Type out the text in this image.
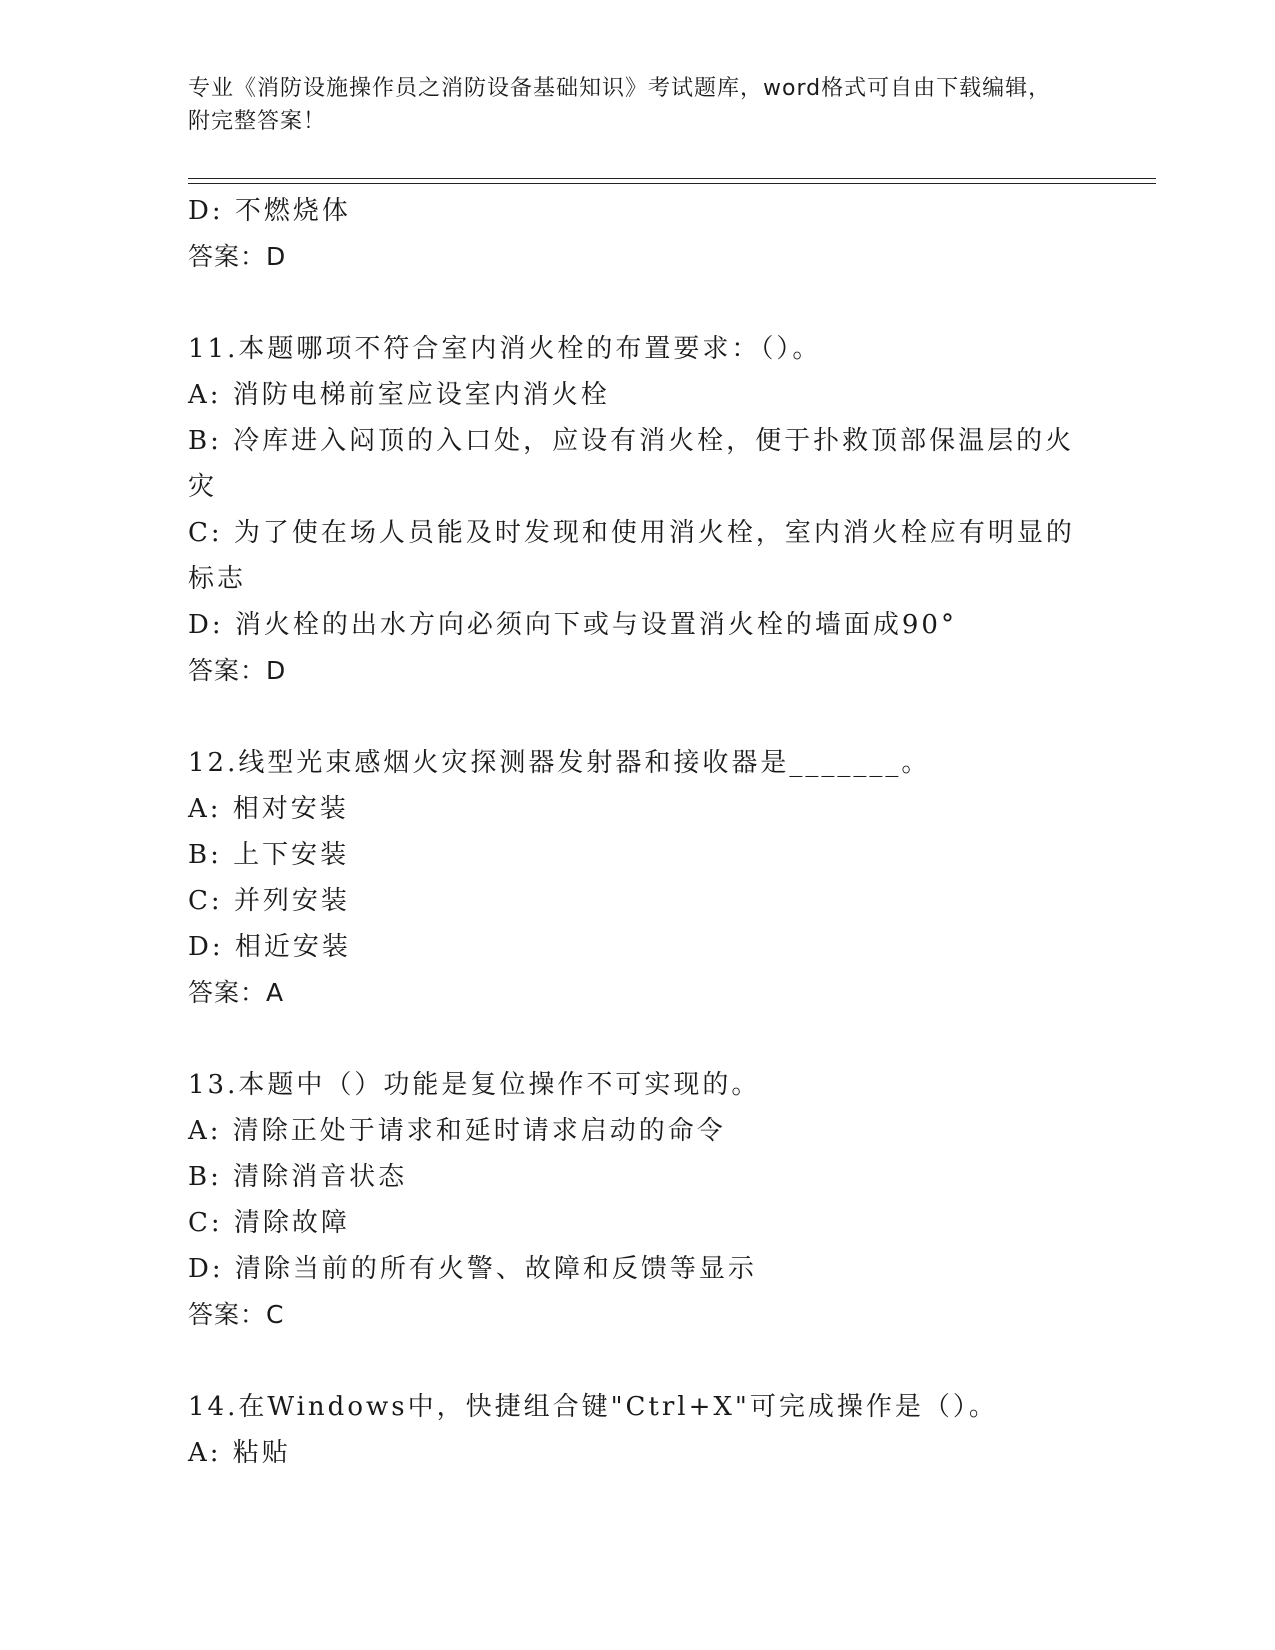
专业《消防设施操作员之消防设备基础知识》考试题库，word格式可自由下载编辑，附完整答案！
D: 不燃烧体
答案：D
11.本题哪项不符合室内消火栓的布置要求：（）。
A: 消防电梯前室应设室内消火栓
B: 冷库进入闷顶的入口处，应设有消火栓，便于扑救顶部保温层的火灾
C: 为了使在场人员能及时发现和使用消火栓，室内消火栓应有明显的标志
D: 消火栓的出水方向必须向下或与设置消火栓的墙面成90°
答案：D
12.线型光束感烟火灾探测器发射器和接收器是_______。
A: 相对安装
B: 上下安装
C: 并列安装
D: 相近安装
答案：A
13.本题中（）功能是复位操作不可实现的。
A: 清除正处于请求和延时请求启动的命令
B: 清除消音状态
C: 清除故障
D: 清除当前的所有火警、故障和反馈等显示
答案：C
14.在Windows中，快捷组合键"Ctrl+X"可完成操作是（）。
A: 粘贴
